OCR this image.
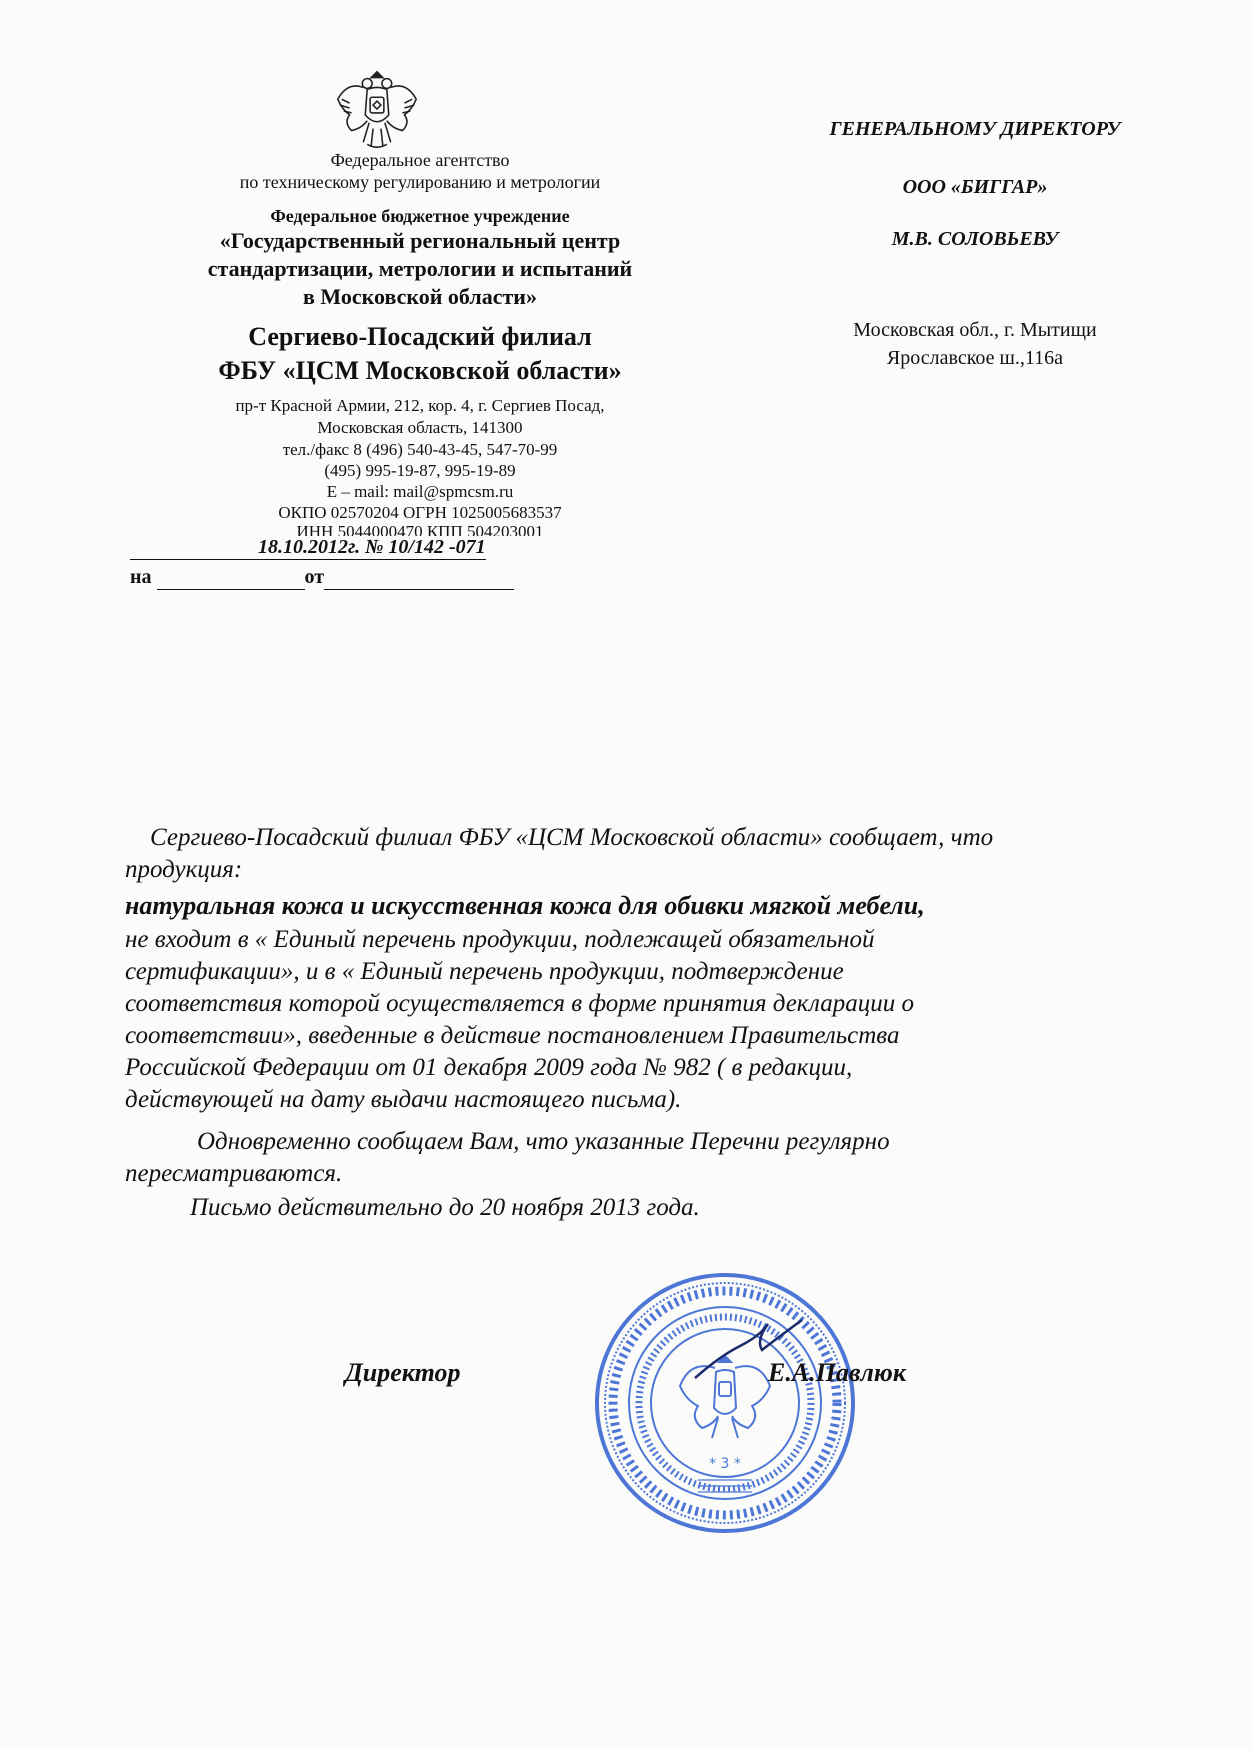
Федеральное агентство
по техническому регулированию и метрологии
Федеральное бюджетное учреждение
«Государственный региональный центр
стандартизации, метрологии и испытаний
в Московской области»
Сергиево-Посадский филиал
ФБУ «ЦСМ Московской области»
пр-т Красной Армии, 212, кор. 4, г. Сергиев Посад,
Московская область, 141300
тел./факс 8 (496) 540-43-45, 547-70-99
(495) 995-19-87, 995-19-89
E – mail: mail@spmcsm.ru
ОКПО 02570204 ОГРН 1025005683537
ИНН 5044000470 КПП 504203001
18.10.2012г. № 10/142 -071
на	от
ГЕНЕРАЛЬНОМУ ДИРЕКТОРУ
ООО «БИГГАР»
М.В. СОЛОВЬЕВУ
Московская обл., г. Мытищи
Ярославское ш.,116а
Сергиево-Посадский филиал ФБУ «ЦСМ Московской области» сообщает, что
продукция:
натуральная кожа и искусственная кожа для обивки мягкой мебели,
не входит в « Единый перечень продукции, подлежащей обязательной
сертификации», и в « Единый перечень продукции, подтверждение
соответствия которой осуществляется в форме принятия декларации о
соответствии», введенные в действие постановлением Правительства
Российской Федерации от 01 декабря 2009 года № 982 ( в редакции,
действующей на дату выдачи настоящего письма).
Одновременно сообщаем Вам, что указанные Перечни регулярно
пересматриваются.
Письмо действительно до 20 ноября 2013 года.
* 3 *
Директор	Е.А.Павлюк
